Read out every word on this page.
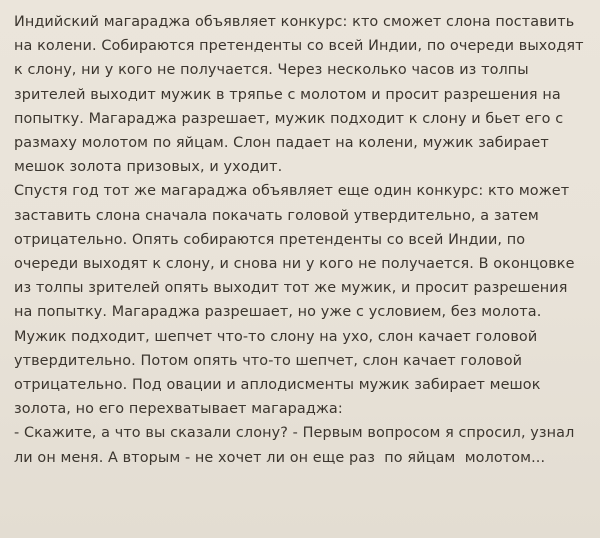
Индийский магараджа объявляет конкурс: кто сможет слона поставить на колени. Собираются претенденты со всей Индии, по очереди выходят к слону, ни у кого не получается. Через несколько часов из толпы зрителей выходит мужик в тряпье с молотом и просит разрешения на попытку. Магараджа разрешает, мужик подходит к слону и бьет его с размаху молотом по яйцам. Слон падает на колени, мужик забирает мешок золота призовых, и уходит.

Спустя год тот же магараджа объявляет еще один конкурс: кто может заставить слона сначала покачать головой утвердительно, а затем отрицательно. Опять собираются претенденты со всей Индии, по очереди выходят к слону, и снова ни у кого не получается. В оконцовке из толпы зрителей опять выходит тот же мужик, и просит разрешения на попытку. Магараджа разрешает, но уже с условием, без молота. Мужик подходит, шепчет что-то слону на ухо, слон качает головой утвердительно. Потом опять что-то шепчет, слон качает головой отрицательно. Под овации и аплодисменты мужик забирает мешок золота, но его перехватывает магараджа:

- Скажите, а что вы сказали слону? - Первым вопросом я спросил, узнал ли он меня. А вторым - не хочет ли он еще раз  по яйцам  молотом...
